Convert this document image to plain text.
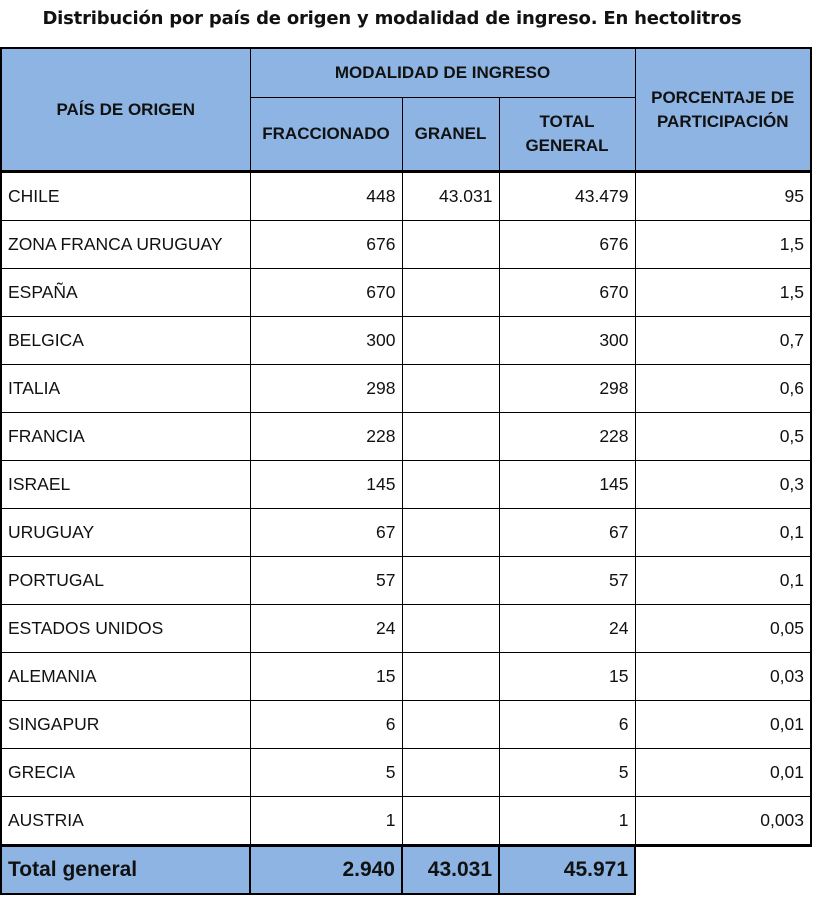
Distribución por país de origen y modalidad de ingreso. En hectolitros
PAÍS DE ORIGEN	MODALIDAD DE INGRESO			PORCENTAJE DE PARTICIPACIÓN
	FRACCIONADO	GRANEL	TOTAL GENERAL	
CHILE	448	43.031	43.479	95
ZONA FRANCA URUGUAY	676		676	1,5
ESPAÑA	670		670	1,5
BELGICA	300		300	0,7
ITALIA	298		298	0,6
FRANCIA	228		228	0,5
ISRAEL	145		145	0,3
URUGUAY	67		67	0,1
PORTUGAL	57		57	0,1
ESTADOS UNIDOS	24		24	0,05
ALEMANIA	15		15	0,03
SINGAPUR	6		6	0,01
GRECIA	5		5	0,01
AUSTRIA	1		1	0,003
Total general	2.940	43.031	45.971	
